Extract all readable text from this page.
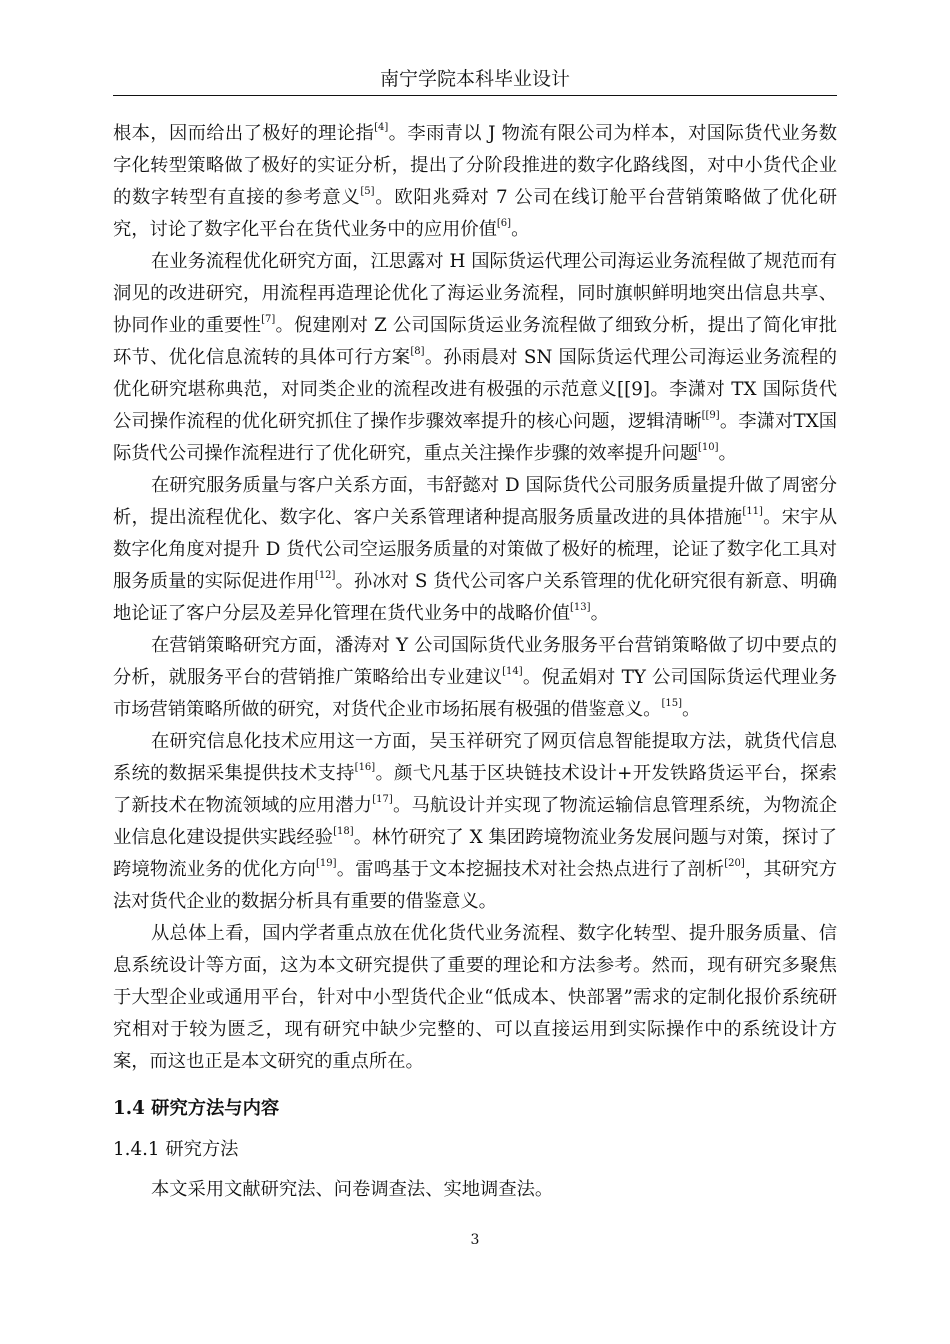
南宁学院本科毕业设计

根本，因而给出了极好的理论指[4]。李雨青以 J 物流有限公司为样本，对国际货代业务数字化转型策略做了极好的实证分析，提出了分阶段推进的数字化路线图，对中小货代企业的数字转型有直接的参考意义[5]。欧阳兆舜对 7 公司在线订舱平台营销策略做了优化研究，讨论了数字化平台在货代业务中的应用价值[6]。

在业务流程优化研究方面，江思露对 H 国际货运代理公司海运业务流程做了规范而有洞见的改进研究，用流程再造理论优化了海运业务流程，同时旗帜鲜明地突出信息共享、协同作业的重要性[7]。倪建刚对 Z 公司国际货运业务流程做了细致分析，提出了简化审批环节、优化信息流转的具体可行方案[8]。孙雨晨对 SN 国际货运代理公司海运业务流程的优化研究堪称典范，对同类企业的流程改进有极强的示范意义[[9]。李潇对 TX 国际货代公司操作流程的优化研究抓住了操作步骤效率提升的核心问题，逻辑清晰[[9]。李潇对TX国际货代公司操作流程进行了优化研究，重点关注操作步骤的效率提升问题[10]。

在研究服务质量与客户关系方面，韦舒懿对 D 国际货代公司服务质量提升做了周密分析，提出流程优化、数字化、客户关系管理诸种提高服务质量改进的具体措施[11]。宋宇从数字化角度对提升 D 货代公司空运服务质量的对策做了极好的梳理，论证了数字化工具对服务质量的实际促进作用[12]。孙冰对 S 货代公司客户关系管理的优化研究很有新意、明确地论证了客户分层及差异化管理在货代业务中的战略价值[13]。

在营销策略研究方面，潘涛对 Y 公司国际货代业务服务平台营销策略做了切中要点的分析，就服务平台的营销推广策略给出专业建议[14]。倪孟娟对 TY 公司国际货运代理业务市场营销策略所做的研究，对货代企业市场拓展有极强的借鉴意义。[15]。

在研究信息化技术应用这一方面，吴玉祥研究了网页信息智能提取方法，就货代信息系统的数据采集提供技术支持[16]。颜弋凡基于区块链技术设计+开发铁路货运平台，探索了新技术在物流领域的应用潜力[17]。马航设计并实现了物流运输信息管理系统，为物流企业信息化建设提供实践经验[18]。林竹研究了 X 集团跨境物流业务发展问题与对策，探讨了跨境物流业务的优化方向[19]。雷鸣基于文本挖掘技术对社会热点进行了剖析[20]，其研究方法对货代企业的数据分析具有重要的借鉴意义。

从总体上看，国内学者重点放在优化货代业务流程、数字化转型、提升服务质量、信息系统设计等方面，这为本文研究提供了重要的理论和方法参考。然而，现有研究多聚焦于大型企业或通用平台，针对中小型货代企业“低成本、快部署”需求的定制化报价系统研究相对于较为匮乏，现有研究中缺少完整的、可以直接运用到实际操作中的系统设计方案，而这也正是本文研究的重点所在。

1.4 研究方法与内容

1.4.1 研究方法

本文采用文献研究法、问卷调查法、实地调查法。

3
